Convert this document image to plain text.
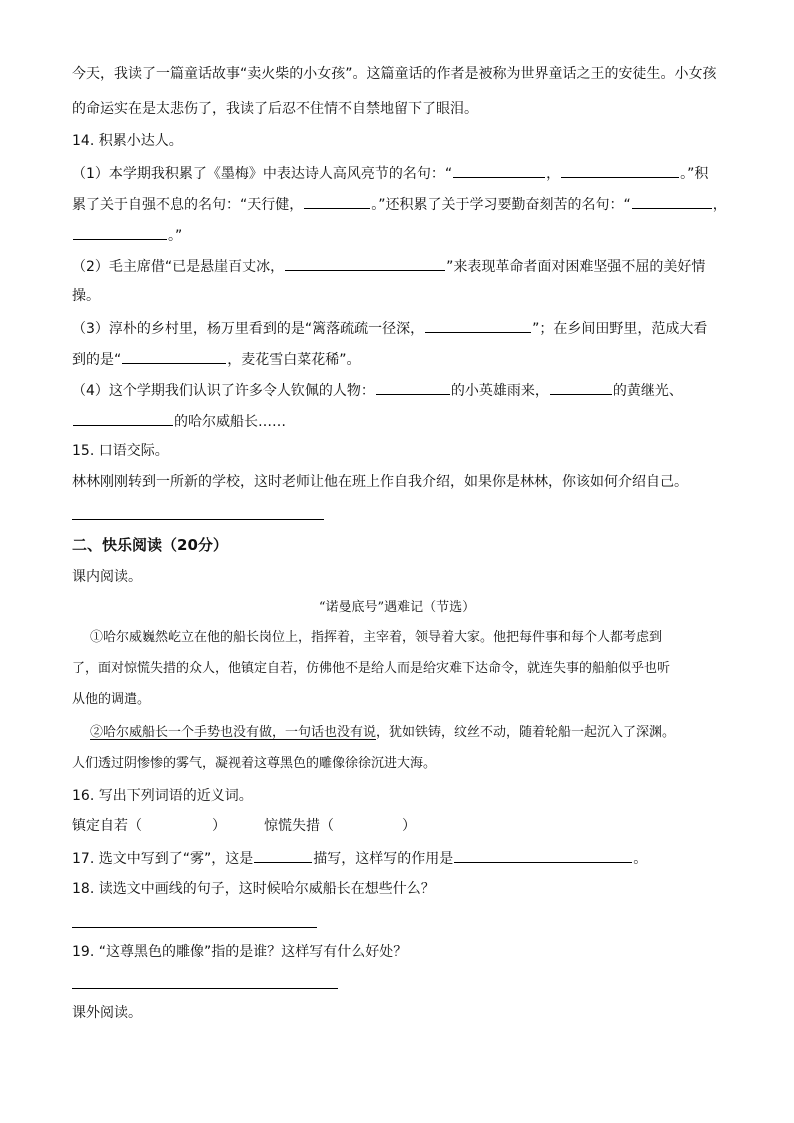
今天，我读了一篇童话故事“卖火柴的小女孩”。这篇童话的作者是被称为世界童话之王的安徒生。小女孩
的命运实在是太悲伤了，我读了后忍不住情不自禁地留下了眼泪。
14. 积累小达人。
（1）本学期我积累了《墨梅》中表达诗人高风亮节的名句：“	，	。”积
累了关于自强不息的名句：“天行健，	。”还积累了关于学习要勤奋刻苦的名句：“	，
。”
（2）毛主席借“已是悬崖百丈冰，	”来表现革命者面对困难坚强不屈的美好情
操。
（3）淳朴的乡村里，杨万里看到的是“篱落疏疏一径深，	”；在乡间田野里，范成大看
到的是“	，麦花雪白菜花稀”。
（4）这个学期我们认识了许多令人钦佩的人物：	的小英雄雨来，	的黄继光、
的哈尔威船长……
15. 口语交际。
林林刚刚转到一所新的学校，这时老师让他在班上作自我介绍，如果你是林林，你该如何介绍自己。
二、快乐阅读（20分）
课内阅读。
“诺曼底号”遇难记（节选）
①哈尔威巍然屹立在他的船长岗位上，指挥着，主宰着，领导着大家。他把每件事和每个人都考虑到
了，面对惊慌失措的众人，他镇定自若，仿佛他不是给人而是给灾难下达命令，就连失事的船舶似乎也听
从他的调遣。
②哈尔威船长一个手势也没有做，一句话也没有说，犹如铁铸，纹丝不动，随着轮船一起沉入了深渊。
人们透过阴惨惨的雾气，凝视着这尊黑色的雕像徐徐沉进大海。
16. 写出下列词语的近义词。
镇定自若（	）	惊慌失措（	）
17. 选文中写到了“雾”，这是	描写，这样写的作用是	。
18. 读选文中画线的句子，这时候哈尔威船长在想些什么？
19. “这尊黑色的雕像”指的是谁？这样写有什么好处？
课外阅读。
